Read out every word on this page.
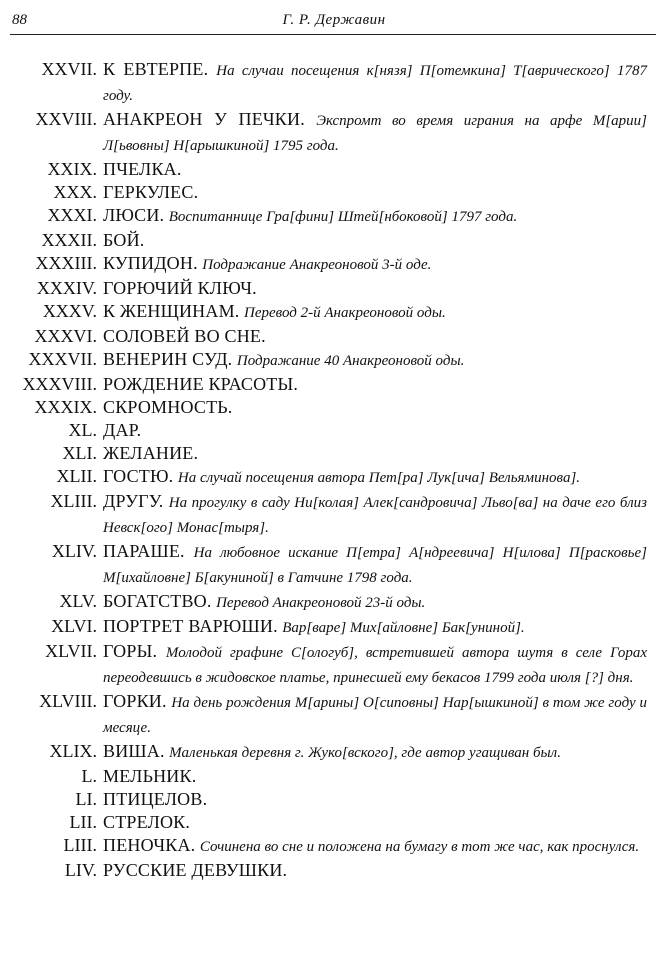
88	Г. Р. Державин
XXVII. К ЕВТЕРПЕ. На случаи посещения к[нязя] П[отемкина] Т[аврического] 1787 году.
XXVIII. АНАКРЕОН У ПЕЧКИ. Экспромт во время играния на арфе М[арии] Л[ьвовны] Н[арышкиной] 1795 года.
XXIX. ПЧЕЛКА.
XXX. ГЕРКУЛЕС.
XXXI. ЛЮСИ. Воспитаннице Гра[фини] Штей[нбоковой] 1797 года.
XXXII. БОЙ.
XXXIII. КУПИДОН. Подражание Анакреоновой 3-й оде.
XXXIV. ГОРЮЧИЙ КЛЮЧ.
XXXV. К ЖЕНЩИНАМ. Перевод 2-й Анакреоновой оды.
XXXVI. СОЛОВЕЙ ВО СНЕ.
XXXVII. ВЕНЕРИН СУД. Подражание 40 Анакреоновой оды.
XXXVIII. РОЖДЕНИЕ КРАСОТЫ.
XXXIX. СКРОМНОСТЬ.
XL. ДАР.
XLI. ЖЕЛАНИЕ.
XLII. ГОСТЮ. На случай посещения автора Пет[ра] Лук[ича] Вельяминова].
XLIII. ДРУГУ. На прогулку в саду Ни[колая] Алек[сандровича] Льво[ва] на даче его близ Невск[ого] Монас[тыря].
XLIV. ПАРАШЕ. На любовное искание П[етра] А[ндреевича] Н[илова] П[расковье] М[ихайловне] Б[акуниной] в Гатчине 1798 года.
XLV. БОГАТСТВО. Перевод Анакреоновой 23-й оды.
XLVI. ПОРТРЕТ ВАРЮШИ. Вар[варе] Мих[айловне] Бак[униной].
XLVII. ГОРЫ. Молодой графине С[ологуб], встретившей автора шутя в селе Горах переодевшись в жидовское платье, принесшей ему бекасов 1799 года июля [?] дня.
XLVIII. ГОРКИ. На день рождения М[арины] О[сиповны] Нар[ышкиной] в том же году и месяце.
XLIX. ВИША. Маленькая деревня г. Жуко[вского], где автор угащиван был.
L. МЕЛЬНИК.
LI. ПТИЦЕЛОВ.
LII. СТРЕЛОК.
LIII. ПЕНОЧКА. Сочинена во сне и положена на бумагу в тот же час, как проснулся.
LIV. РУССКИЕ ДЕВУШКИ.
